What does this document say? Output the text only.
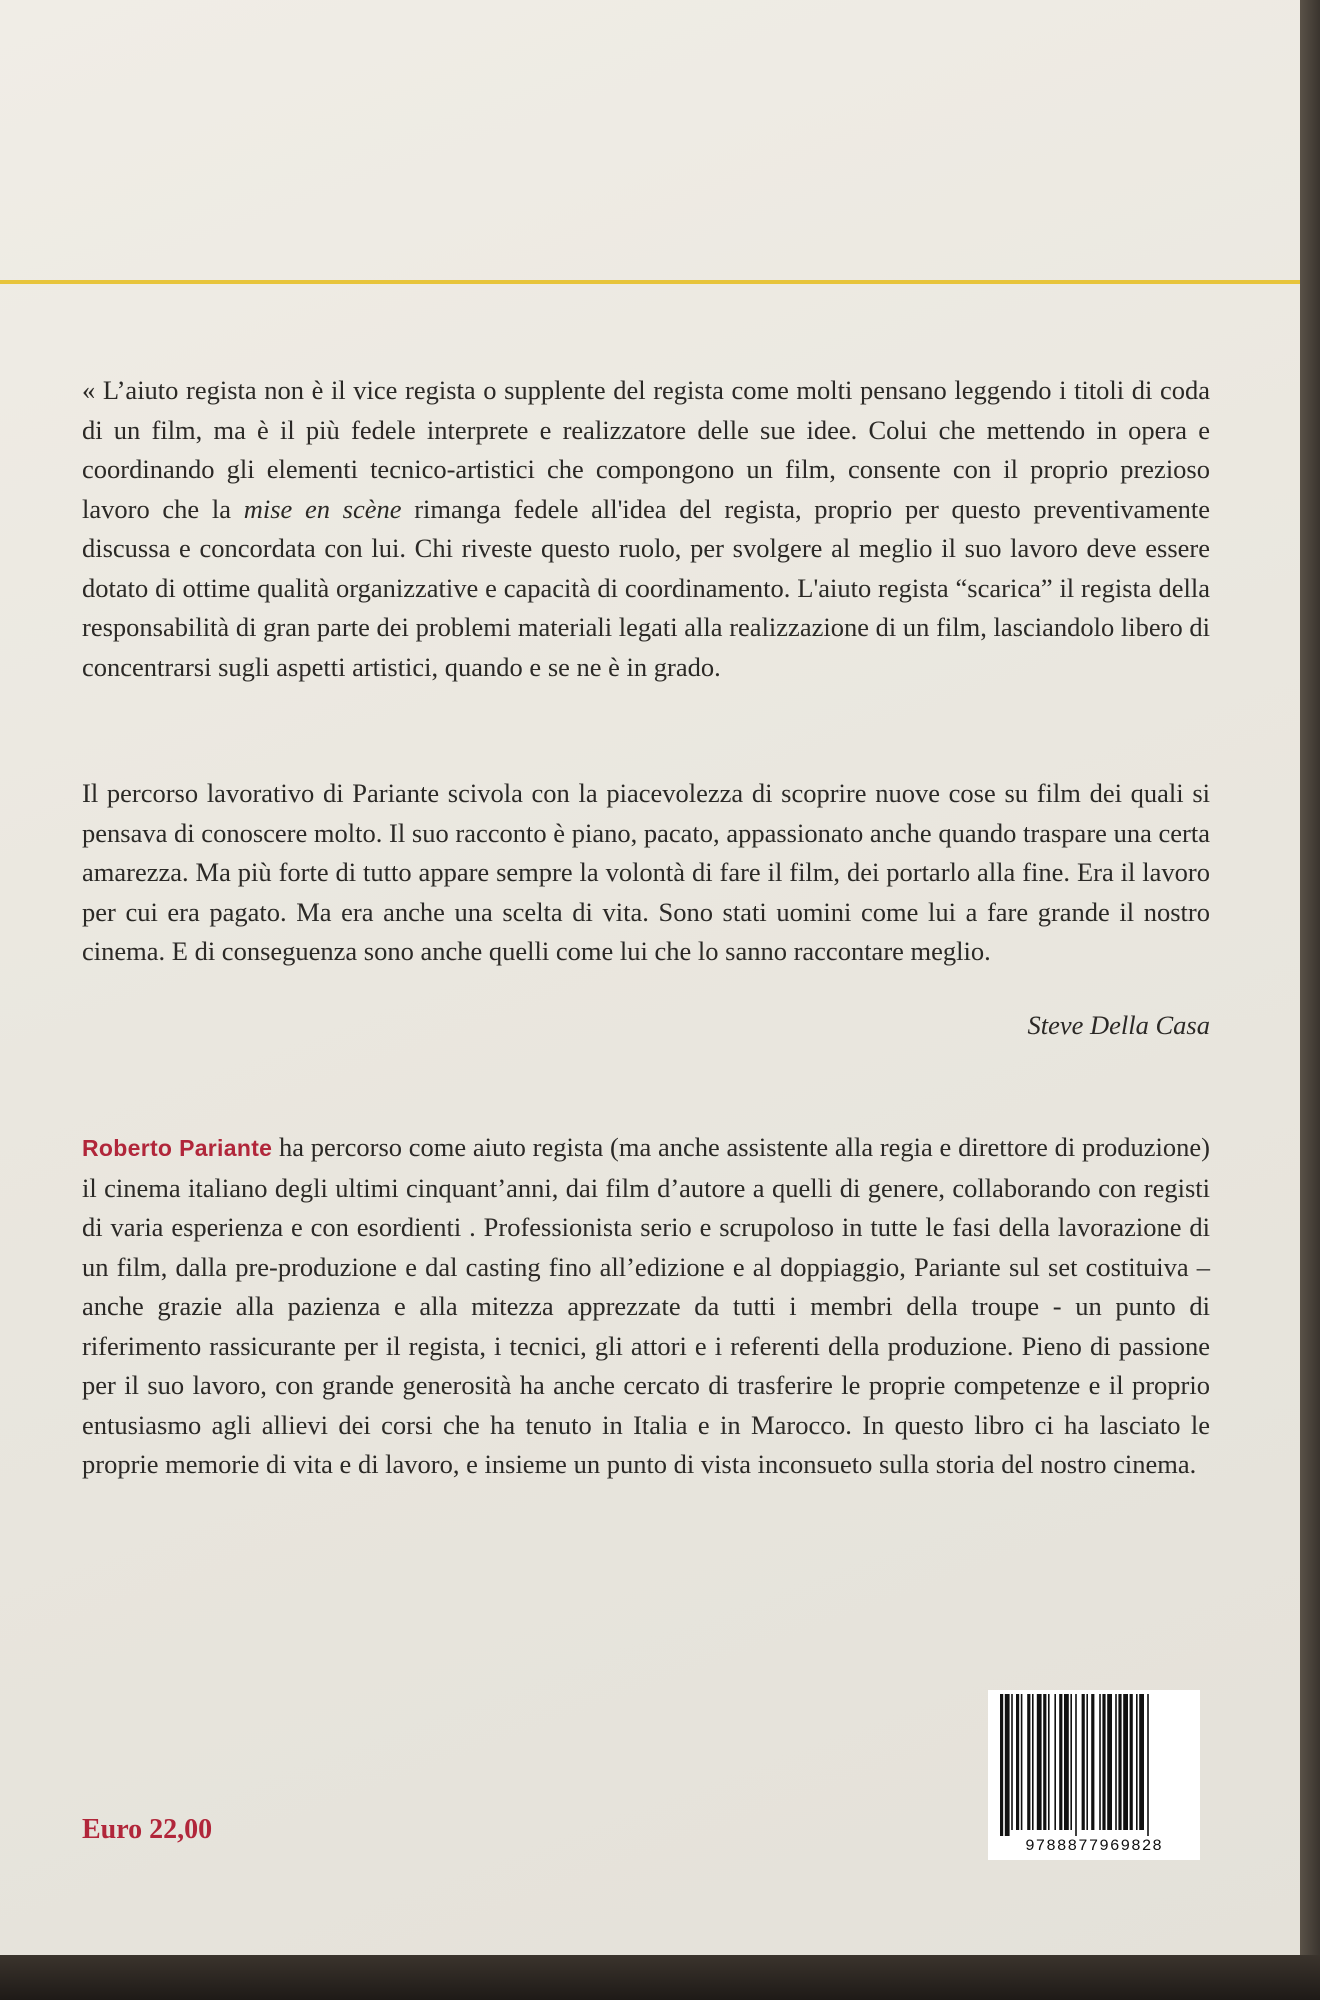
« L’aiuto regista non è il vice regista o supplente del regista come molti pensano leggendo i titoli di coda di un film, ma è il più fedele interprete e realizzatore delle sue idee. Colui che mettendo in opera e coordinando gli elementi tecnico-artistici che compongono un film, consente con il proprio prezioso lavoro che la mise en scène rimanga fedele all'idea del regista, proprio per questo preventivamente discussa e concordata con lui. Chi riveste questo ruolo, per svolgere al meglio il suo lavoro deve essere dotato di ottime qualità organizzative e capacità di coordinamento. L'aiuto regista “scarica” il regista della responsabilità di gran parte dei problemi materiali legati alla realizzazione di un film, lasciandolo libero di concentrarsi sugli aspetti artistici, quando e se ne è in grado.

Il percorso lavorativo di Pariante scivola con la piacevolezza di scoprire nuove cose su film dei quali si pensava di conoscere molto. Il suo racconto è piano, pacato, appassionato anche quando traspare una certa amarezza. Ma più forte di tutto appare sempre la volontà di fare il film, dei portarlo alla fine. Era il lavoro per cui era pagato. Ma era anche una scelta di vita. Sono stati uomini come lui a fare grande il nostro cinema. E di conseguenza sono anche quelli come lui che lo sanno raccontare meglio.

Steve Della Casa

Roberto Pariante ha percorso come aiuto regista (ma anche assistente alla regia e direttore di produzione) il cinema italiano degli ultimi cinquant’anni, dai film d’autore a quelli di genere, collaborando con registi di varia esperienza e con esordienti . Professionista serio e scrupoloso in tutte le fasi della lavorazione di un film, dalla pre-produzione e dal casting fino all’edizione e al doppiaggio, Pariante sul set costituiva – anche grazie alla pazienza e alla mitezza apprezzate da tutti i membri della troupe - un punto di riferimento rassicurante per il regista, i tecnici, gli attori e i referenti della produzione. Pieno di passione per il suo lavoro, con grande generosità ha anche cercato di trasferire le proprie competenze e il proprio entusiasmo agli allievi dei corsi che ha tenuto in Italia e in Marocco. In questo libro ci ha lasciato le proprie memorie di vita e di lavoro, e insieme un punto di vista inconsueto sulla storia del nostro cinema.

Euro 22,00
9788877969828
